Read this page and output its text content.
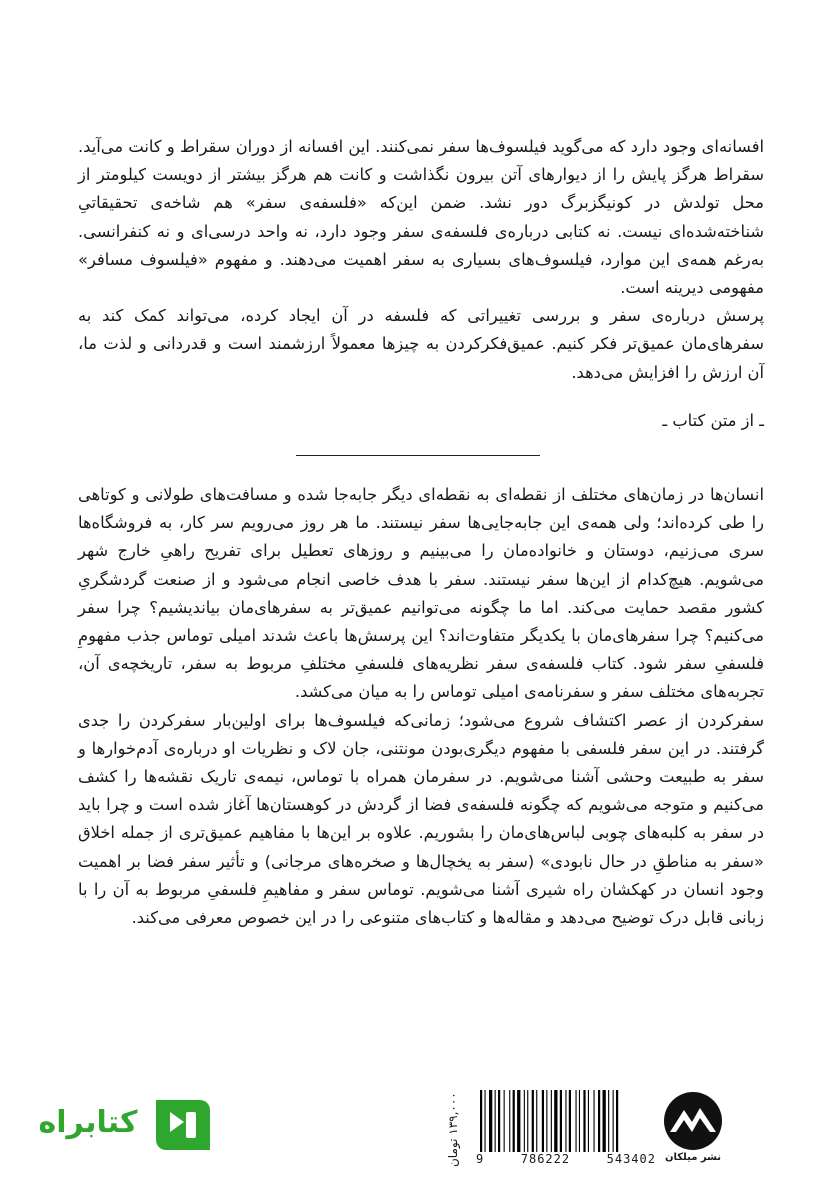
افسانه‌ای وجود دارد که می‌گوید فیلسوف‌ها سفر نمی‌کنند. این افسانه از دوران سقراط و کانت می‌آید. سقراط هرگز پایش را از دیوارهای آتن بیرون نگذاشت و کانت هم هرگز بیشتر از دویست کیلومتر از محل تولدش در کونیگزبرگ دور نشد. ضمن این‌که «فلسفه‌ی سفر» هم شاخه‌ی تحقیقاتیِ شناخته‌شده‌ای نیست. نه کتابی دربار‌ه‌ی فلسفه‌ی سفر وجود دارد، نه واحد درسی‌ای و نه کنفرانسی. به‌رغم همه‌ی این موارد، فیلسوف‌های بسیاری به سفر اهمیت می‌دهند. و مفهوم «فیلسوف مسافر» مفهومی دیرینه است.

پرسش درباره‌ی سفر و بررسی تغییراتی که فلسفه در آن ایجاد کرده، می‌تواند کمک کند به سفرهای‌مان عمیق‌تر فکر کنیم. عمیق‌فکرکردن به چیزها معمولاً ارزشمند است و قدردانی و لذت ما، آن ارزش را افزایش می‌دهد.

ـ از متن کتاب ـ

انسان‌ها در زمان‌های مختلف از نقطه‌ای به نقطه‌ای دیگر جابه‌جا شده و مسافت‌های طولانی و کوتاهی را طی کرده‌اند؛ ولی همه‌ی این جابه‌جایی‌ها سفر نیستند. ما هر روز می‌رویم سر کار، به فروشگاه‌ها سری می‌زنیم، دوستان و خانواده‌مان را می‌بینیم و روزهای تعطیل برای تفریح راهیِ خارج شهر می‌شویم. هیچ‌کدام از این‌ها سفر نیستند. سفر با هدف خاصی انجام می‌شود و از صنعت گردشگریِ کشور مقصد حمایت می‌کند. اما ما چگونه می‌توانیم عمیق‌تر به سفرهای‌مان بیاندیشیم؟ چرا سفر می‌کنیم؟ چرا سفرهای‌مان با یکدیگر متفاوت‌اند؟ این پرسش‌ها باعث شدند امیلی توماس جذب مفهومِ فلسفیِ سفر شود. کتاب فلسفه‌ی سفر نظریه‌های فلسفیِ مختلفِ مربوط به سفر، تاریخچه‌ی آن، تجربه‌های مختلف سفر و سفرنامه‌ی امیلی توماس را به میان می‌کشد.

سفرکردن از عصر اکتشاف شروع می‌شود؛ زمانی‌که فیلسوف‌ها برای اولین‌بار سفرکردن را جدی گرفتند. در این سفر فلسفی با مفهوم دیگری‌بودن مونتنی، جان لاک و نظریات او درباره‌ی آدم‌خوارها و سفر به طبیعت وحشی آشنا می‌شویم. در سفرمان همراه با توماس، نیمه‌ی تاریک نقشه‌ها را کشف می‌کنیم و متوجه می‌شویم که چگونه فلسفه‌ی فضا از گردش در کوهستان‌ها آغاز شده است و چرا باید در سفر به کلبه‌های چوبی لباس‌های‌مان را بشوریم. علاوه بر این‌ها با مفاهیم عمیق‌تری از جمله اخلاق «سفر به مناطقِ در حال نابودی» (سفر به یخچال‌ها و صخره‌های مرجانی) و تأثیر سفر فضا بر اهمیت وجود انسان در کهکشان راه شیری آشنا می‌شویم. توماس سفر و مفاهیمِ فلسفیِ مربوط به آن را با زبانی قابل درک توضیح می‌دهد و مقاله‌ها و کتاب‌های متنوعی را در این خصوص معرفی می‌کند.

کتابراه
۱۳۹,۰۰۰ تومان
9	786222	543402 نشر میلکان
